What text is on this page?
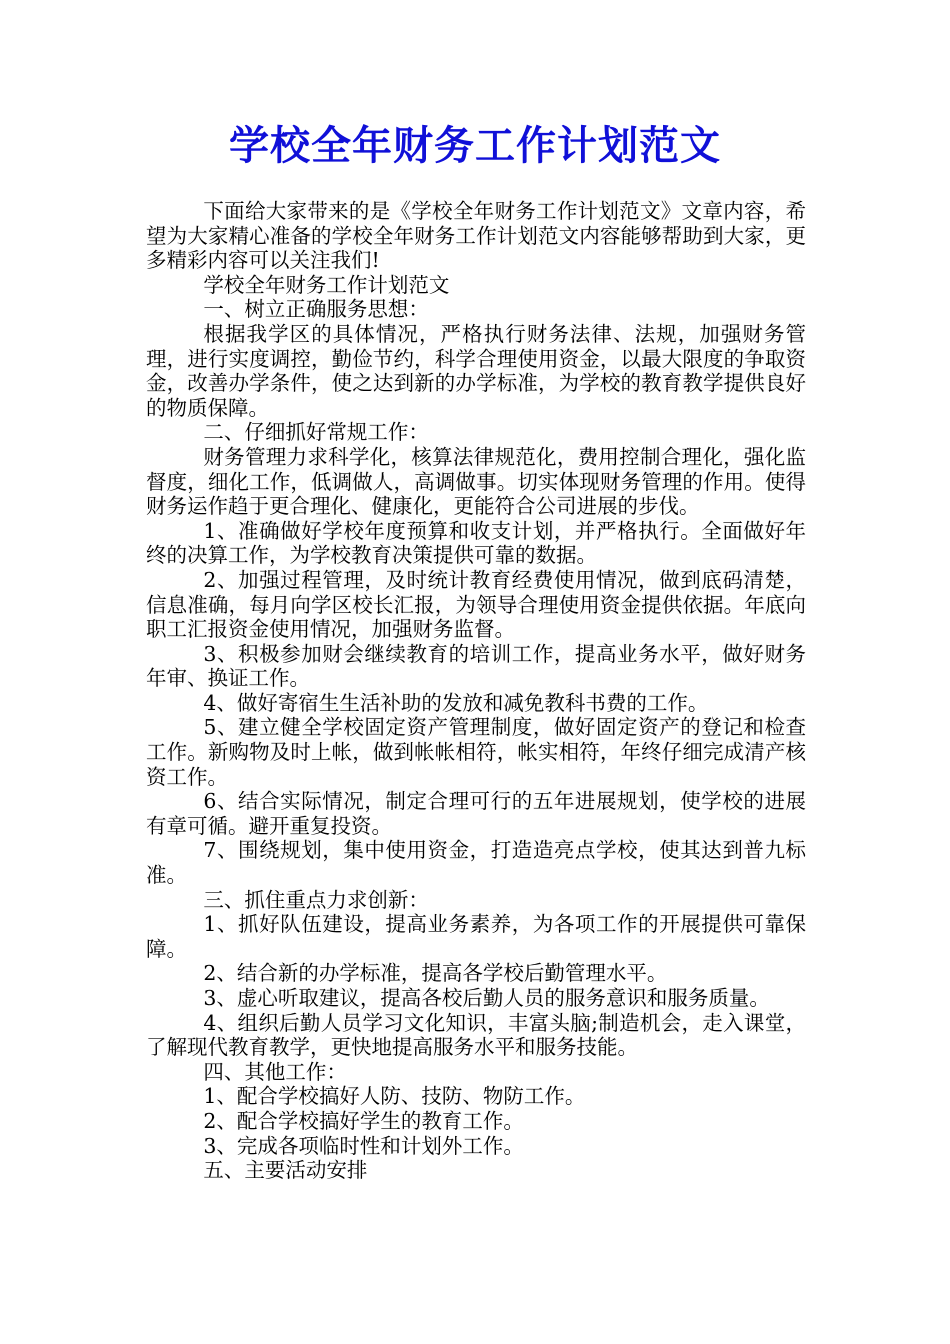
学校全年财务工作计划范文

下面给大家带来的是《学校全年财务工作计划范文》文章内容，希望为大家精心准备的学校全年财务工作计划范文内容能够帮助到大家，更多精彩内容可以关注我们!

学校全年财务工作计划范文

一、树立正确服务思想：

根据我学区的具体情况，严格执行财务法律、法规，加强财务管理，进行实度调控，勤俭节约，科学合理使用资金，以最大限度的争取资金，改善办学条件，使之达到新的办学标准，为学校的教育教学提供良好的物质保障。

二、仔细抓好常规工作：

财务管理力求科学化，核算法律规范化，费用控制合理化，强化监督度，细化工作，低调做人，高调做事。切实体现财务管理的作用。使得财务运作趋于更合理化、健康化，更能符合公司进展的步伐。

1、准确做好学校年度预算和收支计划，并严格执行。全面做好年终的决算工作，为学校教育决策提供可靠的数据。

2、加强过程管理，及时统计教育经费使用情况，做到底码清楚，信息准确，每月向学区校长汇报，为领导合理使用资金提供依据。年底向职工汇报资金使用情况，加强财务监督。

3、积极参加财会继续教育的培训工作，提高业务水平，做好财务年审、换证工作。

4、做好寄宿生生活补助的发放和减免教科书费的工作。

5、建立健全学校固定资产管理制度，做好固定资产的登记和检查工作。新购物及时上帐，做到帐帐相符，帐实相符，年终仔细完成清产核资工作。

6、结合实际情况，制定合理可行的五年进展规划，使学校的进展有章可循。避开重复投资。

7、围绕规划，集中使用资金，打造造亮点学校，使其达到普九标准。

三、抓住重点力求创新：

1、抓好队伍建设，提高业务素养，为各项工作的开展提供可靠保障。

2、结合新的办学标准，提高各学校后勤管理水平。

3、虚心听取建议，提高各校后勤人员的服务意识和服务质量。

4、组织后勤人员学习文化知识，丰富头脑;制造机会，走入课堂，了解现代教育教学，更快地提高服务水平和服务技能。

四、其他工作：

1、配合学校搞好人防、技防、物防工作。

2、配合学校搞好学生的教育工作。

3、完成各项临时性和计划外工作。

五、主要活动安排
